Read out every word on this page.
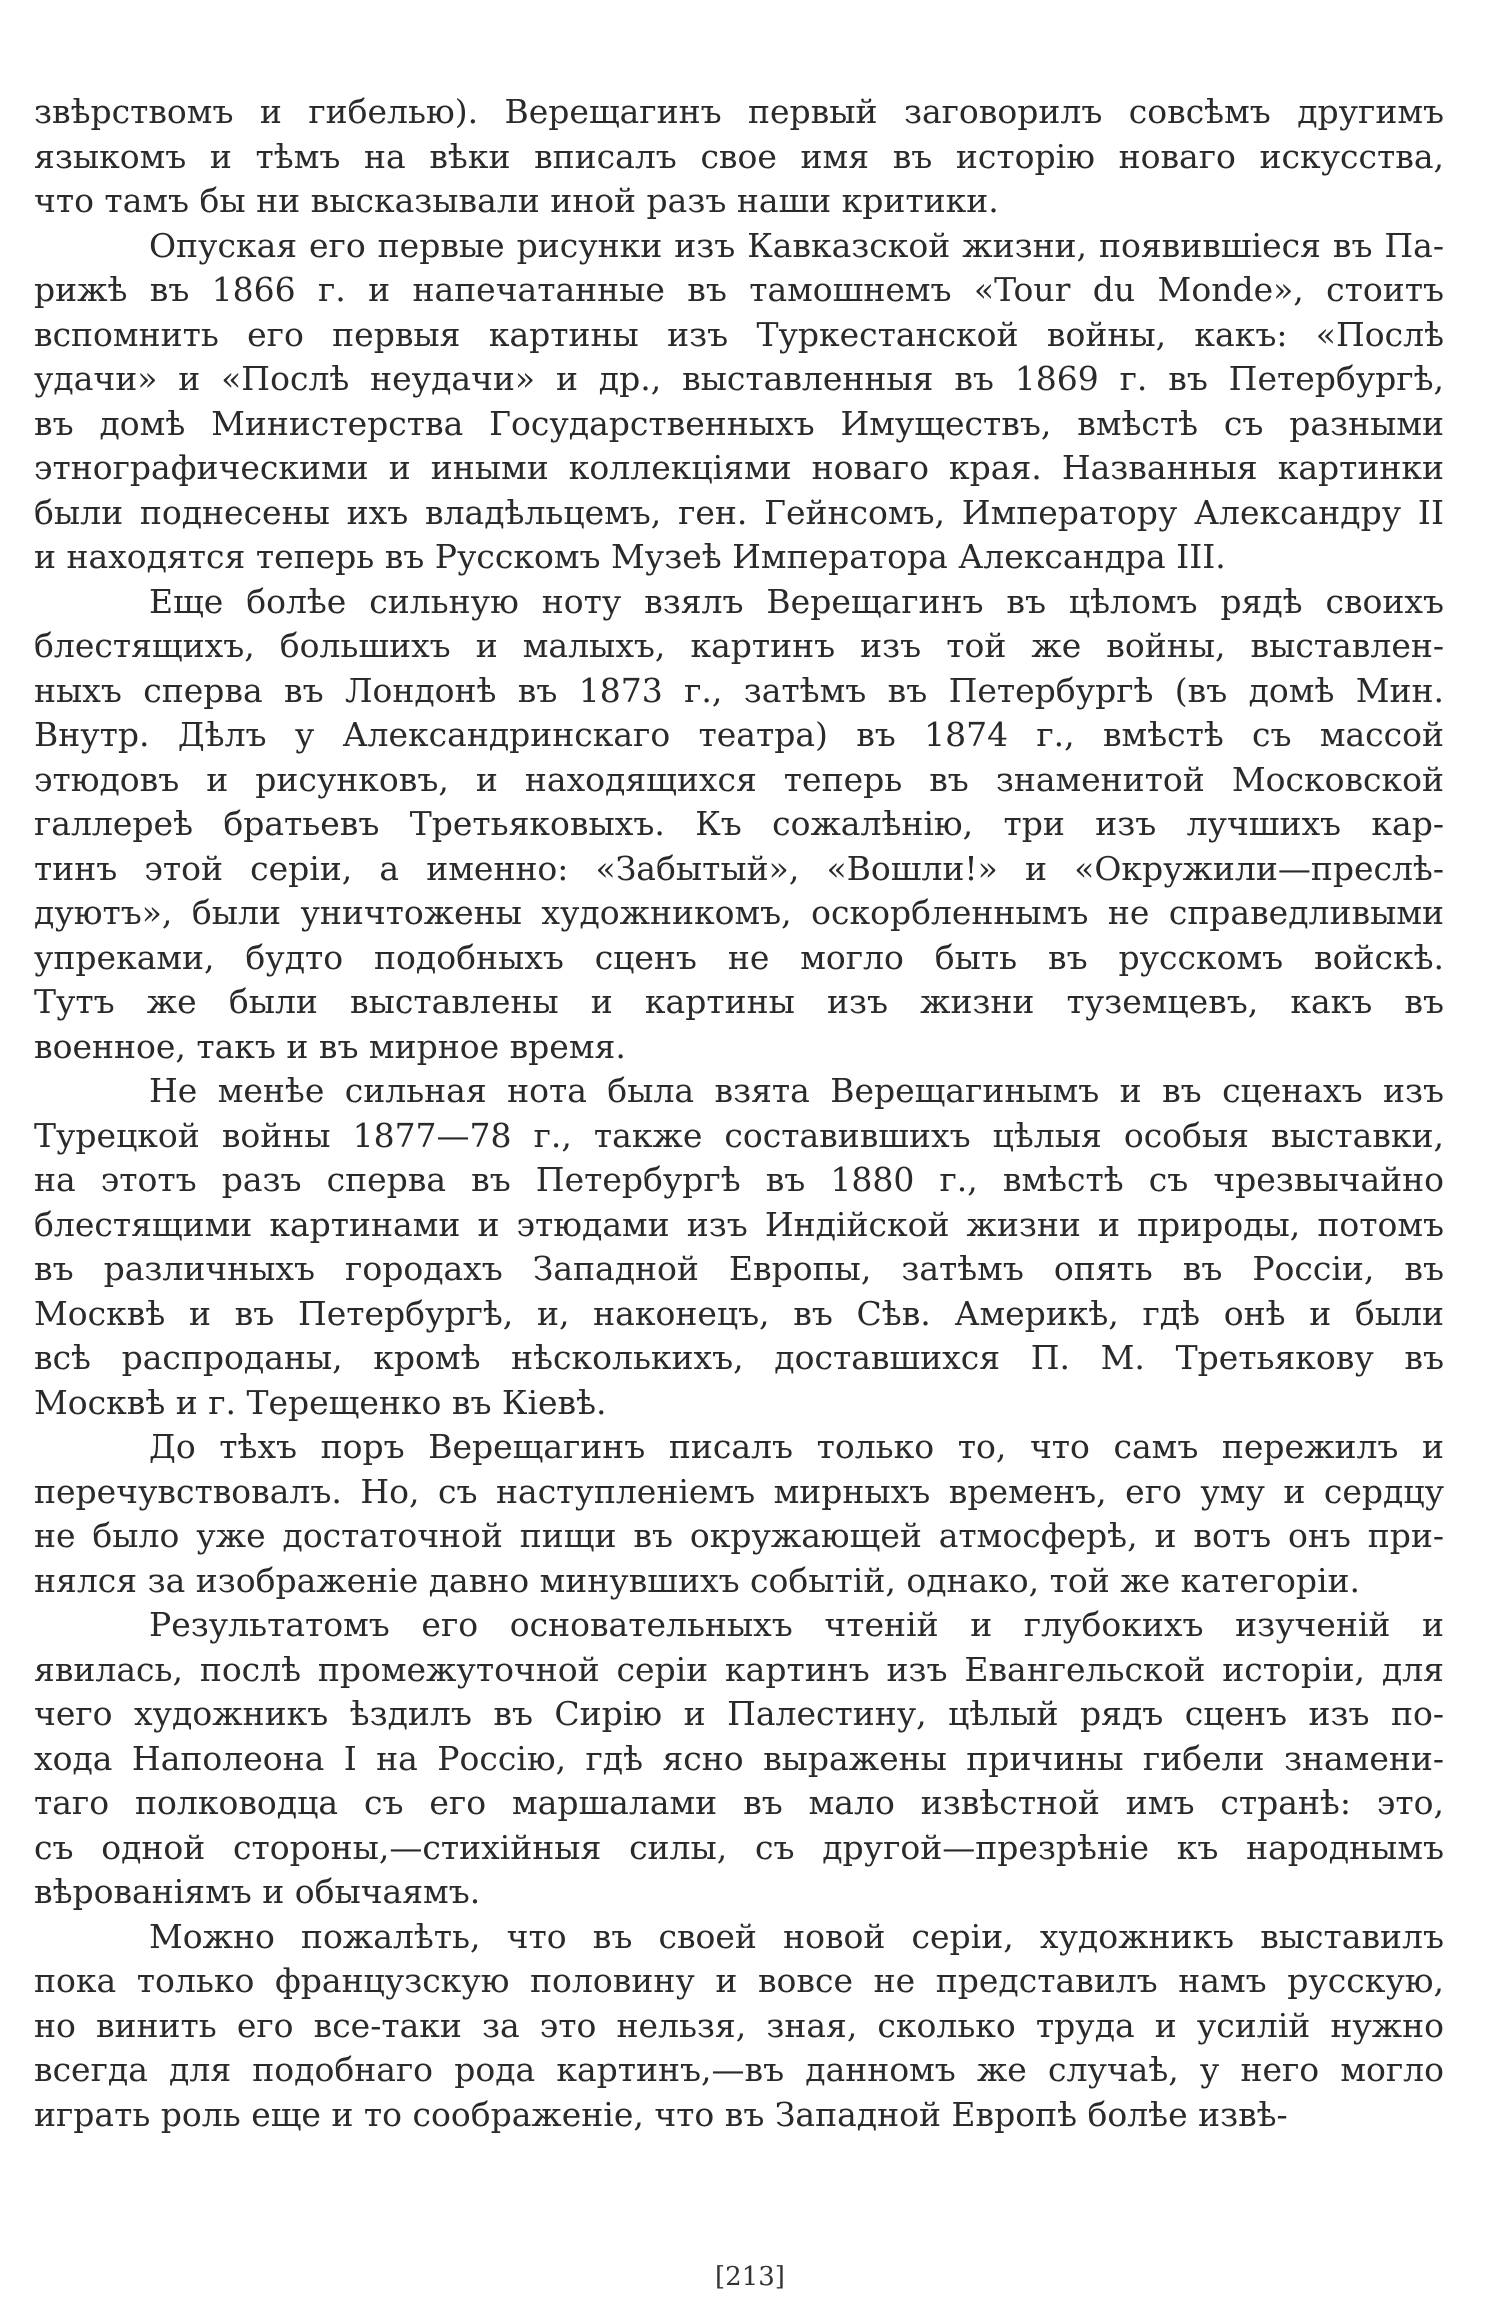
звѣрствомъ и гибелью). Верещагинъ первый заговорилъ совсѣмъ другимъ
языкомъ и тѣмъ на вѣки вписалъ свое имя въ исторію новаго искусства,
что тамъ бы ни высказывали иной разъ наши критики.
Опуская его первые рисунки изъ Кавказской жизни, появившіеся въ Па-
рижѣ въ 1866 г. и напечатанные въ тамошнемъ «Tour du Monde», стоитъ
вспомнить его первыя картины изъ Туркестанской войны, какъ: «Послѣ
удачи» и «Послѣ неудачи» и др., выставленныя въ 1869 г. въ Петербургѣ,
въ домѣ Министерства Государственныхъ Имуществъ, вмѣстѣ съ разными
этнографическими и иными коллекціями новаго края. Названныя картинки
были поднесены ихъ владѣльцемъ, ген. Гейнсомъ, Императору Александру II
и находятся теперь въ Русскомъ Музеѣ Императора Александра III.
Еще болѣе сильную ноту взялъ Верещагинъ въ цѣломъ рядѣ своихъ
блестящихъ, большихъ и малыхъ, картинъ изъ той же войны, выставлен-
ныхъ сперва въ Лондонѣ въ 1873 г., затѣмъ въ Петербургѣ (въ домѣ Мин.
Внутр. Дѣлъ у Александринскаго театра) въ 1874 г., вмѣстѣ съ массой
этюдовъ и рисунковъ, и находящихся теперь въ знаменитой Московской
галлереѣ братьевъ Третьяковыхъ. Къ сожалѣнію, три изъ лучшихъ кар-
тинъ этой серіи, а именно: «Забытый», «Вошли!» и «Окружили—преслѣ-
дуютъ», были уничтожены художникомъ, оскорбленнымъ не справедливыми
упреками, будто подобныхъ сценъ не могло быть въ русскомъ войскѣ.
Тутъ же были выставлены и картины изъ жизни туземцевъ, какъ въ
военное, такъ и въ мирное время.
Не менѣе сильная нота была взята Верещагинымъ и въ сценахъ изъ
Турецкой войны 1877—78 г., также составившихъ цѣлыя особыя выставки,
на этотъ разъ сперва въ Петербургѣ въ 1880 г., вмѣстѣ съ чрезвычайно
блестящими картинами и этюдами изъ Индійской жизни и природы, потомъ
въ различныхъ городахъ Западной Европы, затѣмъ опять въ Россіи, въ
Москвѣ и въ Петербургѣ, и, наконецъ, въ Сѣв. Америкѣ, гдѣ онѣ и были
всѣ распроданы, кромѣ нѣсколькихъ, доставшихся П. М. Третьякову въ
Москвѣ и г. Терещенко въ Кіевѣ.
До тѣхъ поръ Верещагинъ писалъ только то, что самъ пережилъ и
перечувствовалъ. Но, съ наступленіемъ мирныхъ временъ, его уму и сердцу
не было уже достаточной пищи въ окружающей атмосферѣ, и вотъ онъ при-
нялся за изображеніе давно минувшихъ событій, однако, той же категоріи.
Результатомъ его основательныхъ чтеній и глубокихъ изученій и
явилась, послѣ промежуточной серіи картинъ изъ Евангельской исторіи, для
чего художникъ ѣздилъ въ Сирію и Палестину, цѣлый рядъ сценъ изъ по-
хода Наполеона I на Россію, гдѣ ясно выражены причины гибели знамени-
таго полководца съ его маршалами въ мало извѣстной имъ странѣ: это,
съ одной стороны,—стихійныя силы, съ другой—презрѣніе къ народнымъ
вѣрованіямъ и обычаямъ.
Можно пожалѣть, что въ своей новой серіи, художникъ выставилъ
пока только французскую половину и вовсе не представилъ намъ русскую,
но винить его все-таки за это нельзя, зная, сколько труда и усилій нужно
всегда для подобнаго рода картинъ,—въ данномъ же случаѣ, у него могло
играть роль еще и то соображеніе, что въ Западной Европѣ болѣе извѣ-
[213]
